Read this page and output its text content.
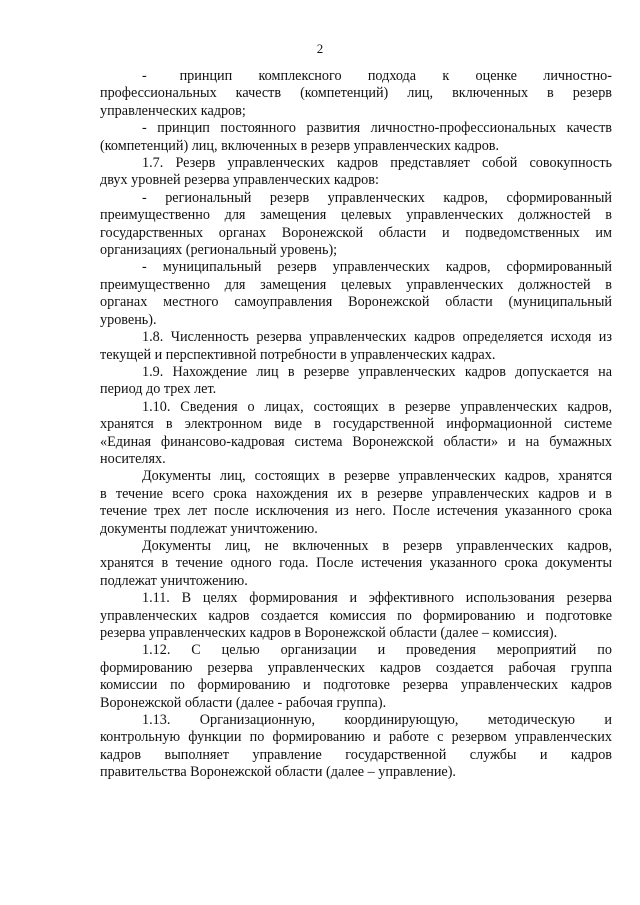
2
-     принцип    комплексного    подхода    к    оценке    личностно-
профессиональных качеств (компетенций) лиц, включенных в резерв
управленческих кадров;
- принцип постоянного развития личностно-профессиональных качеств
(компетенций) лиц, включенных в резерв управленческих кадров.
1.7. Резерв управленческих кадров представляет собой совокупность
двух уровней резерва управленческих кадров:
- региональный резерв управленческих кадров, сформированный
преимущественно для замещения целевых управленческих должностей в
государственных органах Воронежской области и подведомственных им
организациях (региональный уровень);
- муниципальный резерв управленческих кадров, сформированный
преимущественно для замещения целевых управленческих должностей в
органах местного самоуправления Воронежской области (муниципальный
уровень).
1.8. Численность резерва управленческих кадров определяется исходя из
текущей и перспективной потребности в управленческих кадрах.
1.9. Нахождение лиц в резерве управленческих кадров допускается на
период до трех лет.
1.10. Сведения о лицах, состоящих в резерве управленческих кадров,
хранятся в электронном виде в государственной информационной системе
«Единая финансово-кадровая система Воронежской области» и на бумажных
носителях.
Документы лиц, состоящих в резерве управленческих кадров, хранятся
в течение всего срока нахождения их в резерве управленческих кадров и в
течение трех лет после исключения из него. После истечения указанного срока
документы подлежат уничтожению.
Документы лиц, не включенных в резерв управленческих кадров,
хранятся в течение одного года. После истечения указанного срока документы
подлежат уничтожению.
1.11. В целях формирования и эффективного использования резерва
управленческих кадров создается комиссия по формированию и подготовке
резерва управленческих кадров в Воронежской области (далее – комиссия).
1.12.    С    целью    организации    и    проведения    мероприятий    по
формированию резерва управленческих кадров создается рабочая группа
комиссии по формированию и подготовке резерва управленческих кадров
Воронежской области (далее - рабочая группа).
1.13.     Организационную,     координирующую,     методическую     и
контрольную функции по формированию и работе с резервом управленческих
кадров    выполняет    управление    государственной    службы    и    кадров
правительства Воронежской области (далее – управление).
